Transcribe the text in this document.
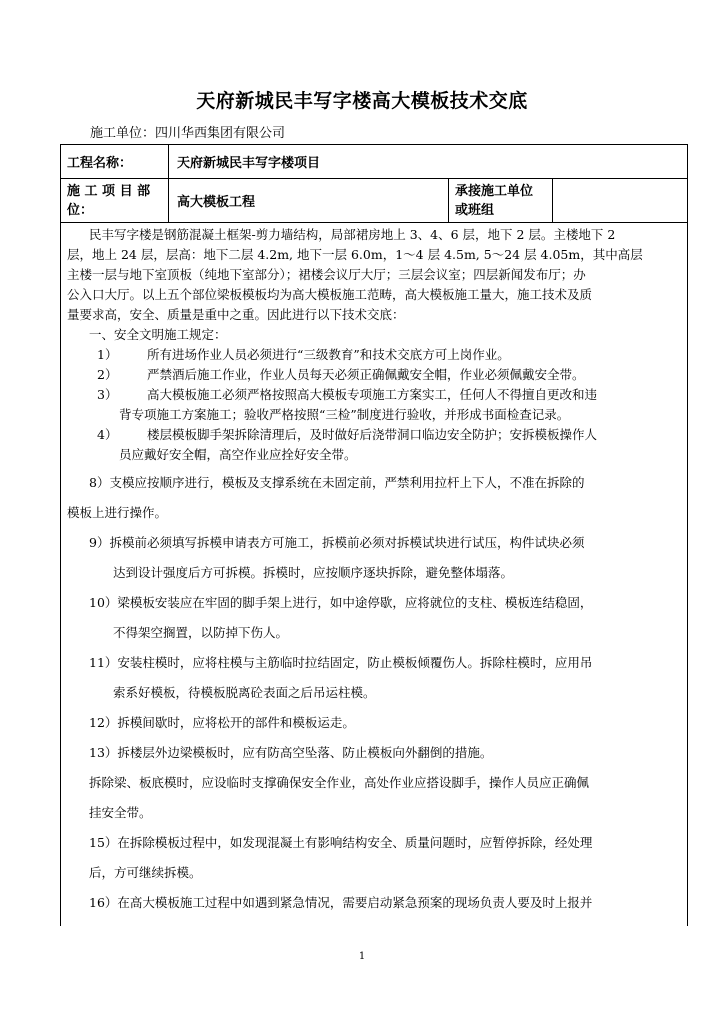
天府新城民丰写字楼高大模板技术交底
施工单位：四川华西集团有限公司
工程名称：	天府新城民丰写字楼项目
施 工 项 目 部
位：	高大模板工程
承接施工单位
或班组
民丰写字楼是钢筋混凝土框架-剪力墙结构，局部裙房地上 3、4、6 层，地下 2 层。主楼地下 2
层，地上 24 层，层高：地下二层 4.2m, 地下一层 6.0m，1～4 层 4.5m, 5～24 层 4.05m，其中高层
主楼一层与地下室顶板（纯地下室部分）；裙楼会议厅大厅；三层会议室；四层新闻发布厅；办
公入口大厅。以上五个部位梁板模板均为高大模板施工范畴，高大模板施工量大，施工技术及质
量要求高，安全、质量是重中之重。因此进行以下技术交底：
一、安全文明施工规定：
1） 所有进场作业人员必须进行“三级教育”和技术交底方可上岗作业。
2） 严禁酒后施工作业，作业人员每天必须正确佩戴安全帽，作业必须佩戴安全带。
3） 高大模板施工必须严格按照高大模板专项施工方案实工，任何人不得擅自更改和违
背专项施工方案施工；验收严格按照“三检”制度进行验收，并形成书面检查记录。
4） 楼层模板脚手架拆除清理后，及时做好后浇带洞口临边安全防护；安拆模板操作人
员应戴好安全帽，高空作业应拴好安全带。
8）支模应按顺序进行，模板及支撑系统在未固定前，严禁利用拉杆上下人，不准在拆除的
模板上进行操作。
9）拆模前必须填写拆模申请表方可施工，拆模前必须对拆模试块进行试压，构件试块必须
达到设计强度后方可拆模。拆模时，应按顺序逐块拆除，避免整体塌落。
10）梁模板安装应在牢固的脚手架上进行，如中途停歇，应将就位的支柱、模板连结稳固，
不得架空搁置，以防掉下伤人。
11）安装柱模时，应将柱模与主筋临时拉结固定，防止模板倾覆伤人。拆除柱模时，应用吊
索系好模板，待模板脱离砼表面之后吊运柱模。
12）拆模间歇时，应将松开的部件和模板运走。
13）拆楼层外边梁模板时，应有防高空坠落、防止模板向外翻倒的措施。
拆除梁、板底模时，应设临时支撑确保安全作业，高处作业应搭设脚手，操作人员应正确佩
挂安全带。
15）在拆除模板过程中，如发现混凝土有影响结构安全、质量问题时，应暂停拆除，经处理
后，方可继续拆模。
16）在高大模板施工过程中如遇到紧急情况，需要启动紧急预案的现场负责人要及时上报并
1
